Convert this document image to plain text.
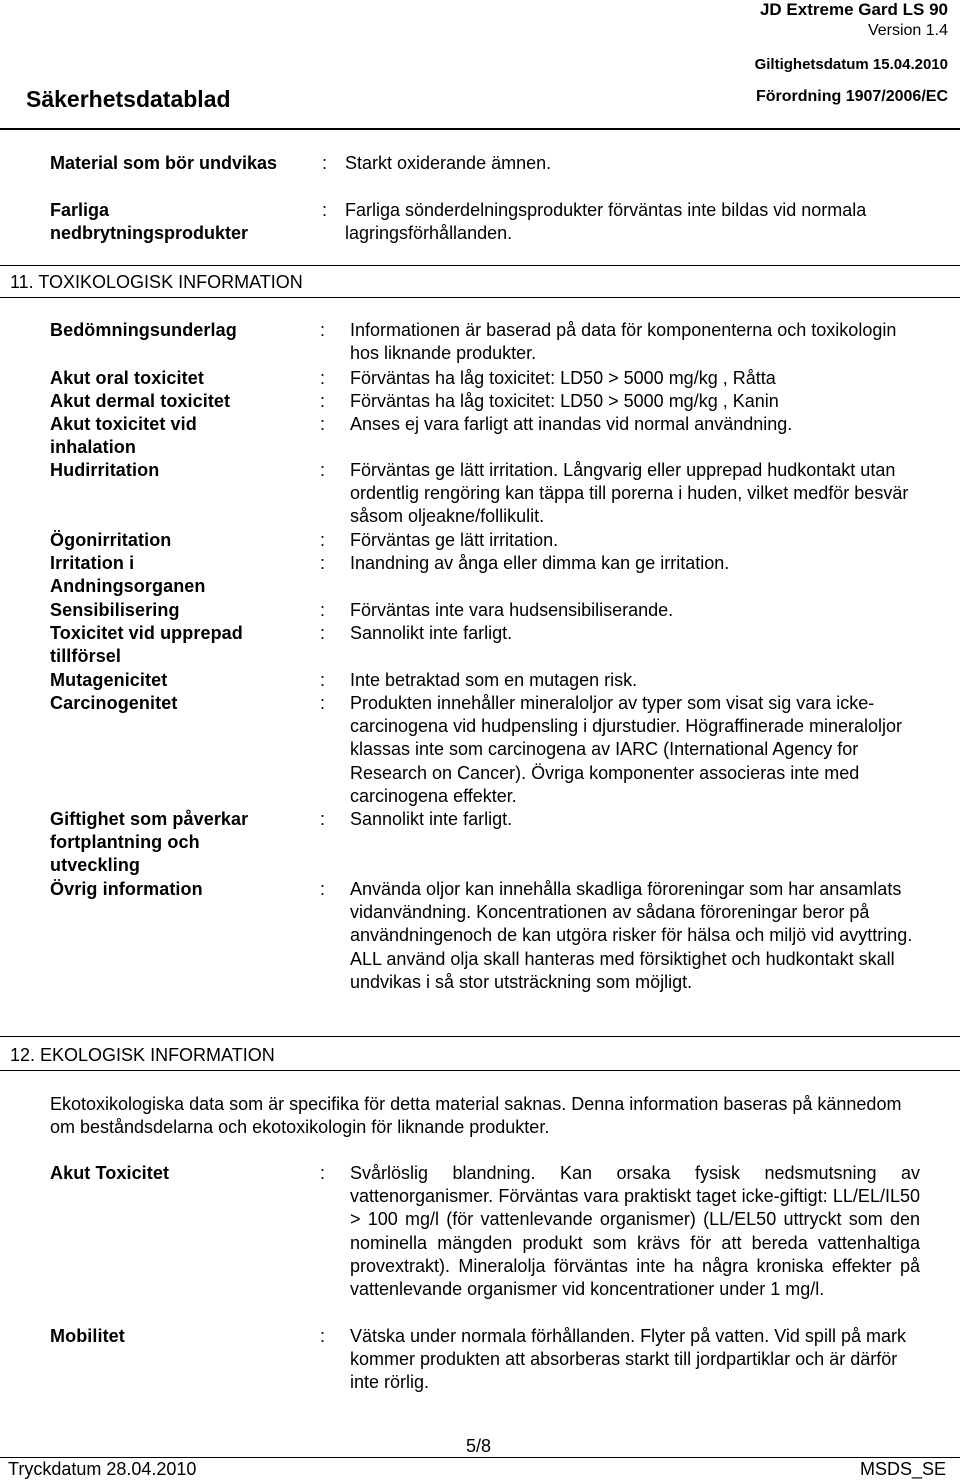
JD Extreme Gard LS 90
Version 1.4
Giltighetsdatum 15.04.2010
Förordning 1907/2006/EC
Säkerhetsdatablad
Material som bör undvikas	: Starkt oxiderande ämnen.
Farliga nedbrytningsprodukter
: Farliga sönderdelningsprodukter förväntas inte bildas vid normala lagringsförhållanden.
11. TOXIKOLOGISK INFORMATION
Bedömningsunderlag	: Informationen är baserad på data för komponenterna och toxikologin hos liknande produkter.
Akut oral toxicitet	: Förväntas ha låg toxicitet: LD50 > 5000 mg/kg , Råtta
Akut dermal toxicitet	: Förväntas ha låg toxicitet: LD50 > 5000 mg/kg , Kanin
Akut toxicitet vid inhalation
: Anses ej vara farligt att inandas vid normal användning.
Hudirritation	: Förväntas ge lätt irritation. Långvarig eller upprepad hudkontakt utan ordentlig rengöring kan täppa till porerna i huden, vilket medför besvär såsom oljeakne/follikulit.
Ögonirritation	: Förväntas ge lätt irritation.
Irritation i Andningsorganen
: Inandning av ånga eller dimma kan ge irritation.
Sensibilisering	: Förväntas inte vara hudsensibiliserande.
Toxicitet vid upprepad tillförsel
: Sannolikt inte farligt.
Mutagenicitet	: Inte betraktad som en mutagen risk.
Carcinogenitet	: Produkten innehåller mineraloljor av typer som visat sig vara icke-carcinogena vid hudpensling i djurstudier. Högraffinerade mineraloljor klassas inte som carcinogena av IARC (International Agency for Research on Cancer). Övriga komponenter associeras inte med carcinogena effekter.
Giftighet som påverkar fortplantning och utveckling
: Sannolikt inte farligt.
Övrig information	: Använda oljor kan innehålla skadliga föroreningar som har ansamlats vidanvändning. Koncentrationen av sådana föroreningar beror på användningenoch de kan utgöra risker för hälsa och miljö vid avyttring. ALL använd olja skall hanteras med försiktighet och hudkontakt skall undvikas i så stor utsträckning som möjligt.
12. EKOLOGISK INFORMATION
Ekotoxikologiska data som är specifika för detta material saknas. Denna information baseras på kännedom om beståndsdelarna och ekotoxikologin för liknande produkter.
Akut Toxicitet	: Svårlöslig blandning. Kan orsaka fysisk nedsmutsning av vattenorganismer. Förväntas vara praktiskt taget icke-giftigt: LL/EL/IL50 > 100 mg/l (för vattenlevande organismer) (LL/EL50 uttryckt som den nominella mängden produkt som krävs för att bereda vattenhaltiga provextrakt). Mineralolja förväntas inte ha några kroniska effekter på vattenlevande organismer vid koncentrationer under 1 mg/l.
Mobilitet	: Vätska under normala förhållanden. Flyter på vatten. Vid spill på mark kommer produkten att absorberas starkt till jordpartiklar och är därför inte rörlig.
5/8
Tryckdatum 28.04.2010	MSDS_SE
